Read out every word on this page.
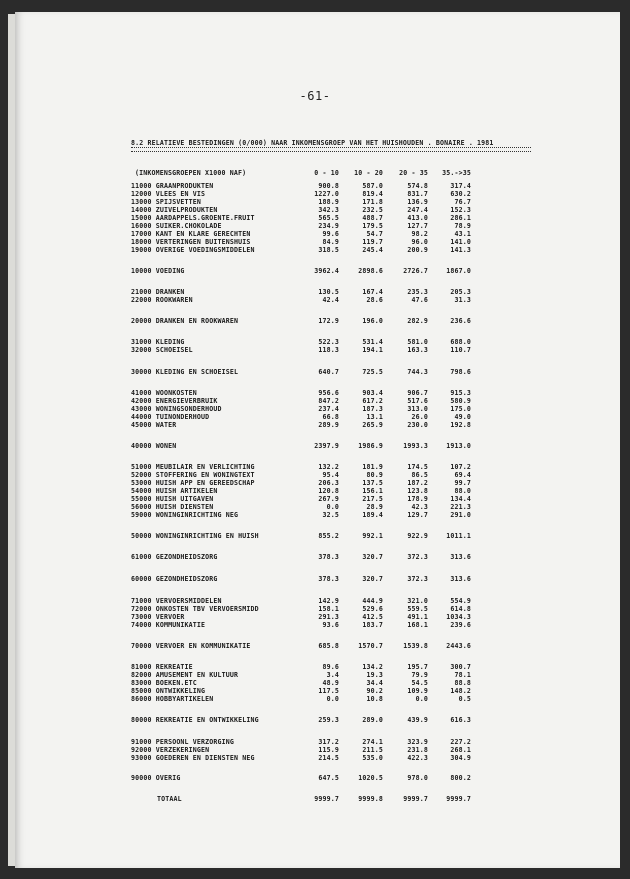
-61-
8.2 RELATIEVE BESTEDINGEN (0/000) NAAR INKOMENSGROEP VAN HET HUISHOUDEN . BONAIRE . 1981
(INKOMENSGROEPEN X1000 NAF)	0 - 10	10 - 20	20 - 35	35.->35
11000 GRAANPRODUKTEN	900.8	587.0	574.8	317.4
12000 VLEES EN VIS	1227.0	819.4	831.7	630.2
13000 SPIJSVETTEN	188.9	171.8	136.9	76.7
14000 ZUIVELPRODUKTEN	342.3	232.5	247.4	152.3
15000 AARDAPPELS.GROENTE.FRUIT	565.5	488.7	413.0	286.1
16000 SUIKER.CHOKOLADE	234.9	179.5	127.7	78.9
17000 KANT EN KLARE GERECHTEN	99.6	54.7	98.2	43.1
18000 VERTERINGEN BUITENSHUIS	84.9	119.7	96.0	141.0
19000 OVERIGE VOEDINGSMIDDELEN	318.5	245.4	200.9	141.3
10000 VOEDING	3962.4	2898.6	2726.7	1867.0
21000 DRANKEN	130.5	167.4	235.3	205.3
22000 ROOKWAREN	42.4	28.6	47.6	31.3
20000 DRANKEN EN ROOKWAREN	172.9	196.0	282.9	236.6
31000 KLEDING	522.3	531.4	581.0	688.0
32000 SCHOEISEL	118.3	194.1	163.3	110.7
30000 KLEDING EN SCHOEISEL	640.7	725.5	744.3	798.6
41000 WOONKOSTEN	956.6	903.4	906.7	915.3
42000 ENERGIEVERBRUIK	847.2	617.2	517.6	580.9
43000 WONINGSONDERHOUD	237.4	187.3	313.0	175.0
44000 TUINONDERHOUD	66.8	13.1	26.0	49.0
45000 WATER	289.9	265.9	230.0	192.8
40000 WONEN	2397.9	1986.9	1993.3	1913.0
51000 MEUBILAIR EN VERLICHTING	132.2	181.9	174.5	107.2
52000 STOFFERING EN WONINGTEXT	95.4	80.9	86.5	69.4
53000 HUISH APP EN GEREEDSCHAP	206.3	137.5	187.2	99.7
54000 HUISH ARTIKELEN	120.8	156.1	123.8	88.0
55000 HUISH UITGAVEN	267.9	217.5	178.9	134.4
56000 HUISH DIENSTEN	0.0	28.9	42.3	221.3
59000 WONINGINRICHTING NEG	32.5	189.4	129.7	291.0
50000 WONINGINRICHTING EN HUISH	855.2	992.1	922.9	1011.1
61000 GEZONDHEIDSZORG	378.3	320.7	372.3	313.6
60000 GEZONDHEIDSZORG	378.3	320.7	372.3	313.6
71000 VERVOERSMIDDELEN	142.9	444.9	321.0	554.9
72000 ONKOSTEN TBV VERVOERSMIDD	158.1	529.6	559.5	614.8
73000 VERVOER	291.3	412.5	491.1	1034.3
74000 KOMMUNIKATIE	93.6	183.7	168.1	239.6
70000 VERVOER EN KOMMUNIKATIE	685.8	1570.7	1539.8	2443.6
81000 REKREATIE	89.6	134.2	195.7	300.7
82000 AMUSEMENT EN KULTUUR	3.4	19.3	79.9	78.1
83000 BOEKEN.ETC	48.9	34.4	54.5	88.8
85000 ONTWIKKELING	117.5	90.2	109.9	148.2
86000 HOBBYARTIKELEN	0.0	10.8	0.0	0.5
80000 REKREATIE EN ONTWIKKELING	259.3	289.0	439.9	616.3
91000 PERSOONL VERZORGING	317.2	274.1	323.9	227.2
92000 VERZEKERINGEN	115.9	211.5	231.8	268.1
93000 GOEDEREN EN DIENSTEN NEG	214.5	535.0	422.3	304.9
90000 OVERIG	647.5	1020.5	978.0	800.2
TOTAAL	9999.7	9999.8	9999.7	9999.7
